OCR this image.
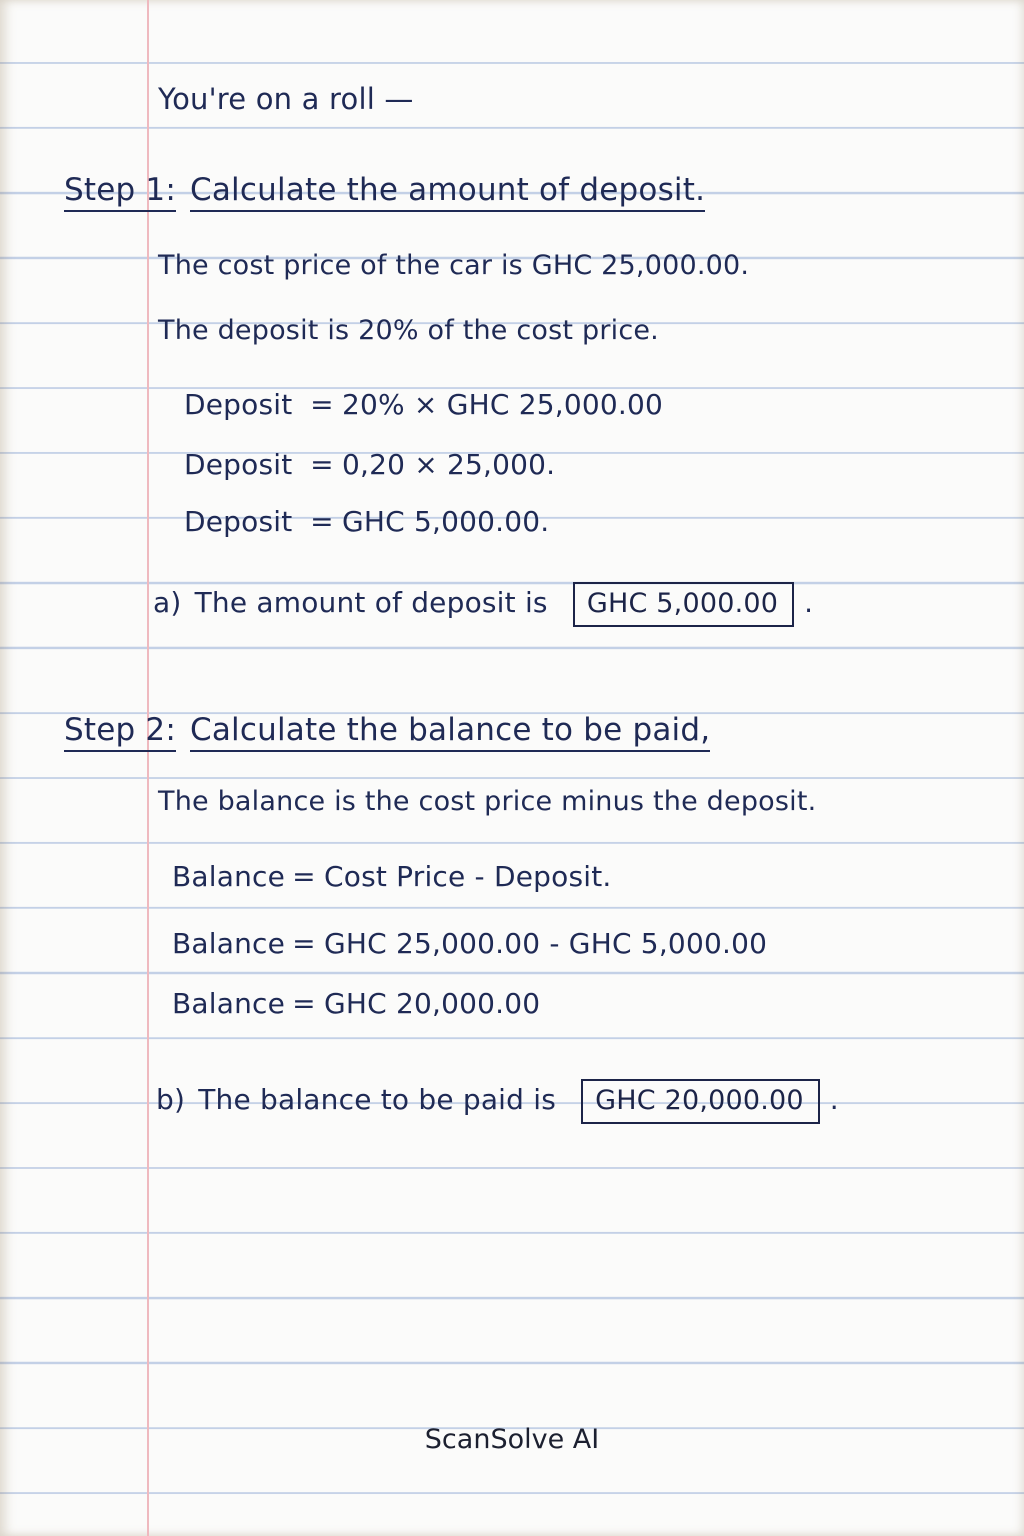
You're on a roll —
Step 1: Calculate the amount of deposit.
The cost price of the car is GHC 25,000.00.
The deposit is 20% of the cost price.
Deposit = 20% × GHC 25,000.00
Deposit = 0,20 × 25,000.
Deposit = GHC 5,000.00.
a) The amount of deposit is GHC 5,000.00 .
Step 2: Calculate the balance to be paid,
The balance is the cost price minus the deposit.
Balance = Cost Price - Deposit.
Balance = GHC 25,000.00 - GHC 5,000.00
Balance = GHC 20,000.00
b) The balance to be paid is GHC 20,000.00 .
ScanSolve AI
